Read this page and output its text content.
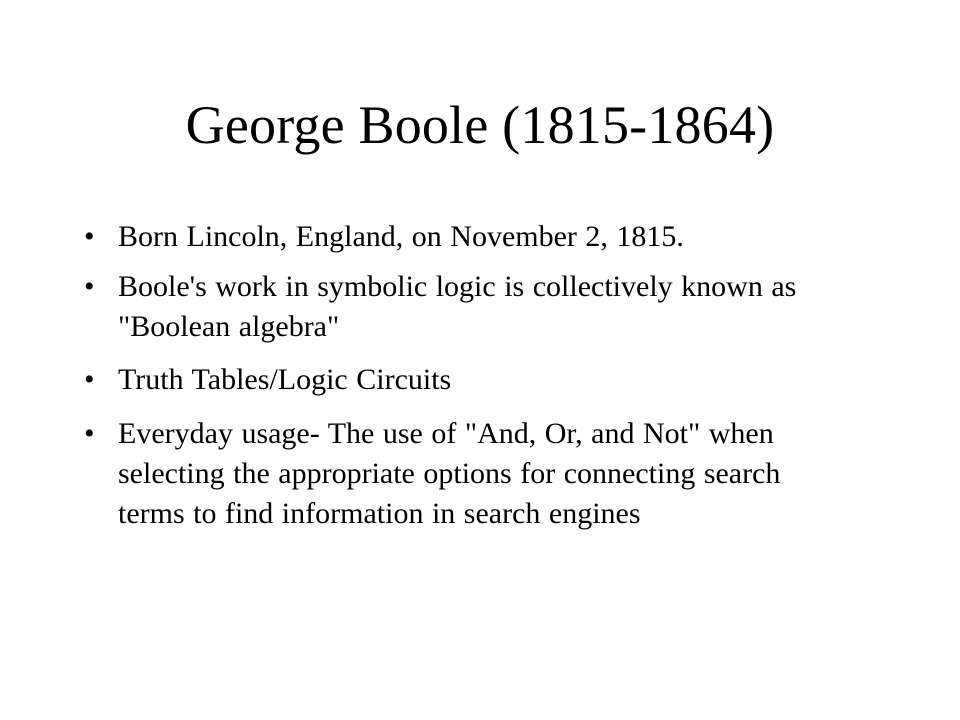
George Boole (1815-1864)
• Born Lincoln, England, on November 2, 1815.
• Boole's work in symbolic logic is collectively known as "Boolean algebra"
• Truth Tables/Logic Circuits
• Everyday usage- The use of "And, Or, and Not" when selecting the appropriate options for connecting search terms to find information in search engines
